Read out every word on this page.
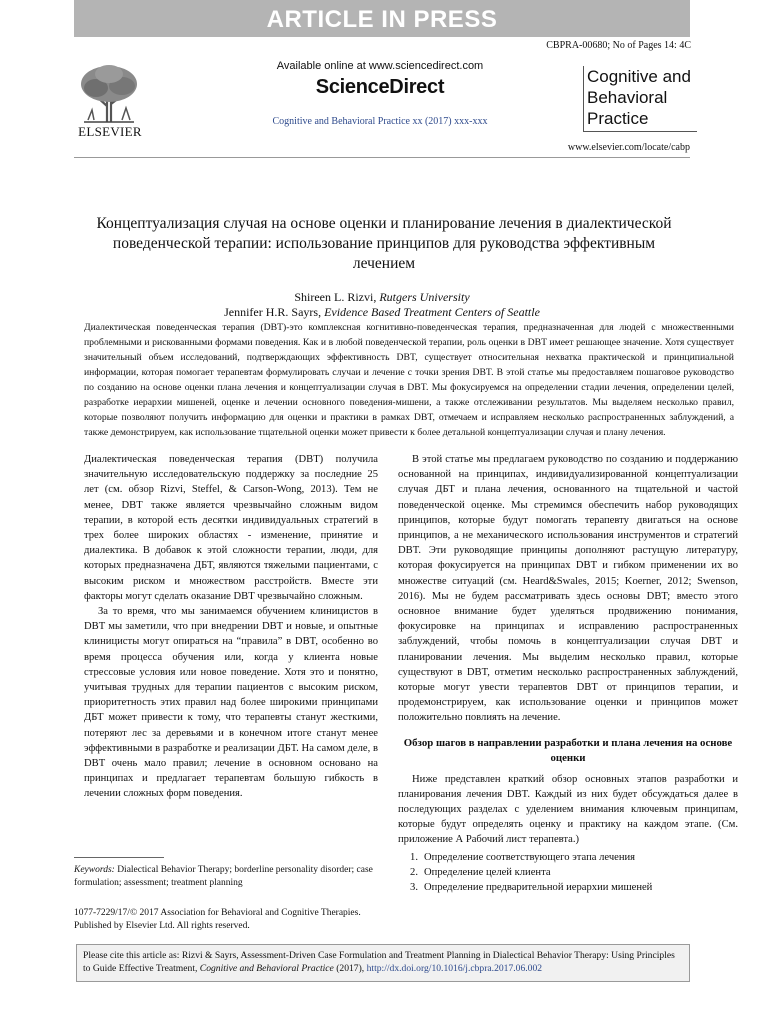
ARTICLE IN PRESS
CBPRA-00680; No of Pages 14: 4C
ELSEVIER
Available online at www.sciencedirect.com
ScienceDirect
Cognitive and Behavioral Practice xx (2017) xxx-xxx
Cognitive and Behavioral Practice
www.elsevier.com/locate/cabp
Концептуализация случая на основе оценки и планирование лечения в диалектической поведенческой терапии: использование принципов для руководства эффективным лечением
Shireen L. Rizvi, Rutgers University
Jennifer H.R. Sayrs, Evidence Based Treatment Centers of Seattle
Диалектическая поведенческая терапия (DBT)-это комплексная когнитивно-поведенческая терапия, предназначенная для людей с множественными проблемными и рискованными формами поведения. Как и в любой поведенческой терапии, роль оценки в DBT имеет решающее значение. Хотя существует значительный объем исследований, подтверждающих эффективность DBT, существует относительная нехватка практической и принципиальной информации, которая помогает терапевтам формулировать случаи и лечение с точки зрения DBT. В этой статье мы предоставляем пошаговое руководство по созданию на основе оценки плана лечения и концептуализации случая в DBT. Мы фокусируемся на определении стадии лечения, определении целей, разработке иерархии мишеней, оценке и лечении основного поведения-мишени, а также отслеживании результатов. Мы выделяем несколько правил, которые позволяют получить информацию для оценки и практики в рамках DBT, отмечаем и исправляем несколько распространенных заблуждений, а также демонстрируем, как использование тщательной оценки может привести к более детальной концептуализации случая и плану лечения.

Диалектическая поведенческая терапия (DBT) получила значительную исследовательскую поддержку за последние 25 лет (см. обзор Rizvi, Steffel, & Carson-Wong, 2013). Тем не менее, DBT также является чрезвычайно сложным видом терапии, в которой есть десятки индивидуальных стратегий в трех более широких областях - изменение, принятие и диалектика. В добавок к этой сложности терапии, люди, для которых предназначена ДБТ, являются тяжелыми пациентами, с высоким риском и множеством расстройств. Вместе эти факторы могут сделать оказание DBT чрезвычайно сложным.

За то время, что мы занимаемся обучением клиницистов в DBT мы заметили, что при внедрении DBT и новые, и опытные клиницисты могут опираться на “правила” в DBT, особенно во время процесса обучения или, когда у клиента новые стрессовые условия или новое поведение. Хотя это и понятно, учитывая трудных для терапии пациентов с высоким риском, приоритетность этих правил над более широкими принципами ДБТ может привести к тому, что терапевты станут жесткими, потеряют лес за деревьями и в конечном итоге станут менее эффективными в разработке и реализации ДБТ. На самом деле, в DBT очень мало правил; лечение в основном основано на принципах и предлагает терапевтам большую гибкость в лечении сложных форм поведения.

В этой статье мы предлагаем руководство по созданию и поддержанию основанной на принципах, индивидуализированной концептуализации случая ДБТ и плана лечения, основанного на тщательной и частой поведенческой оценке. Мы стремимся обеспечить набор руководящих принципов, которые будут помогать терапевту двигаться на основе принципов, а не механического использования инструментов и стратегий DBT. Эти руководящие принципы дополняют растущую литературу, которая фокусируется на принципах DBT и гибком применении их во множестве ситуаций (см. Heard&Swales, 2015; Koerner, 2012; Swenson, 2016). Мы не будем рассматривать здесь основы DBT; вместо этого основное внимание будет уделяться продвижению понимания, фокусировке на принципах и исправлению распространенных заблуждений, чтобы помочь в концептуализации случая DBT и планировании лечения. Мы выделим несколько правил, которые существуют в DBT, отметим несколько распространенных заблуждений, которые могут увести терапевтов DBT от принципов терапии, и продемонстрируем, как использование оценки и принципов может положительно повлиять на лечение.

Обзор шагов в направлении разработки и плана лечения на основе оценки

Ниже представлен краткий обзор основных этапов разработки и планирования лечения DBT. Каждый из них будет обсуждаться далее в последующих разделах с уделением внимания ключевым принципам, которые будут определять оценку и практику на каждом этапе. (См. приложение А Рабочий лист терапевта.)

1. Определение соответствующего этапа лечения
2. Определение целей клиента
3. Определение предварительной иерархии мишеней
Keywords: Dialectical Behavior Therapy; borderline personality disorder; case formulation; assessment; treatment planning
1077-7229/17/© 2017 Association for Behavioral and Cognitive Therapies. Published by Elsevier Ltd. All rights reserved.
Please cite this article as: Rizvi & Sayrs, Assessment-Driven Case Formulation and Treatment Planning in Dialectical Behavior Therapy: Using Principles to Guide Effective Treatment, Cognitive and Behavioral Practice (2017), http://dx.doi.org/10.1016/j.cbpra.2017.06.002
